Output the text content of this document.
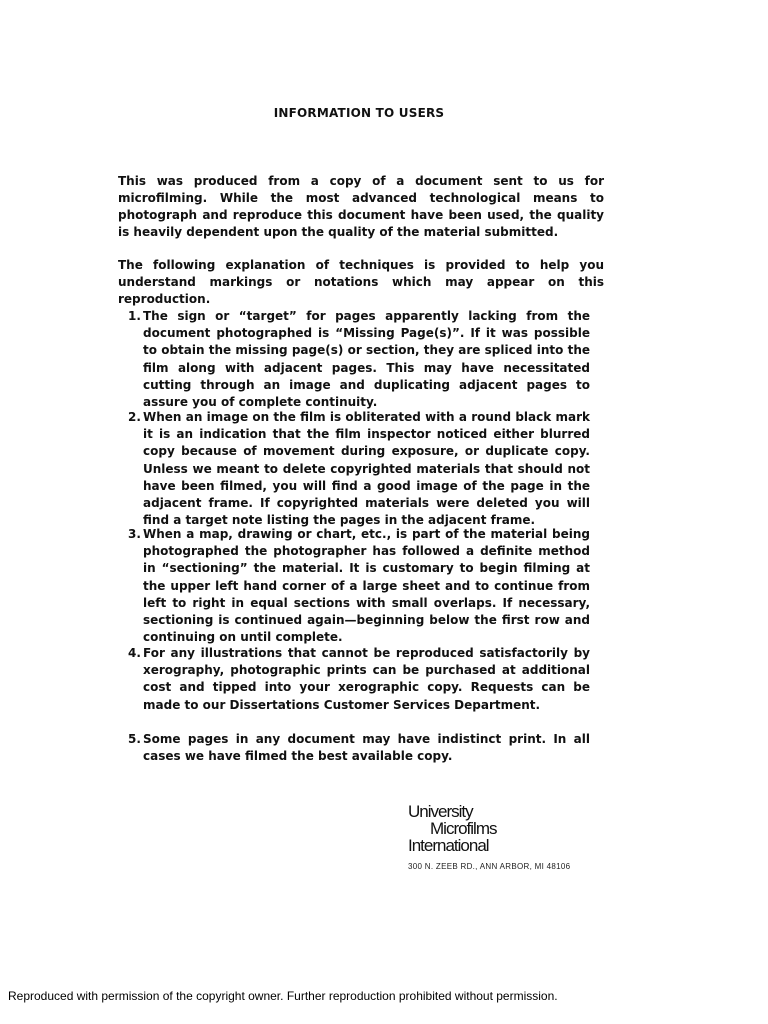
INFORMATION TO USERS
This was produced from a copy of a document sent to us for microfilming. While the most advanced technological means to photograph and reproduce this document have been used, the quality is heavily dependent upon the quality of the material submitted.
The following explanation of techniques is provided to help you understand markings or notations which may appear on this reproduction.
1. The sign or “target” for pages apparently lacking from the document photographed is “Missing Page(s)”. If it was possible to obtain the missing page(s) or section, they are spliced into the film along with adjacent pages. This may have necessitated cutting through an image and duplicating adjacent pages to assure you of complete continuity.
2. When an image on the film is obliterated with a round black mark it is an indication that the film inspector noticed either blurred copy because of movement during exposure, or duplicate copy. Unless we meant to delete copyrighted materials that should not have been filmed, you will find a good image of the page in the adjacent frame. If copyrighted materials were deleted you will find a target note listing the pages in the adjacent frame.
3. When a map, drawing or chart, etc., is part of the material being photographed the photographer has followed a definite method in “sectioning” the material. It is customary to begin filming at the upper left hand corner of a large sheet and to continue from left to right in equal sections with small overlaps. If necessary, sectioning is continued again—beginning below the first row and continuing on until complete.
4. For any illustrations that cannot be reproduced satisfactorily by xerography, photographic prints can be purchased at additional cost and tipped into your xerographic copy. Requests can be made to our Dissertations Customer Services Department.
5. Some pages in any document may have indistinct print. In all cases we have filmed the best available copy.
University
Microfilms
International
300 N. ZEEB RD., ANN ARBOR, MI 48106
Reproduced with permission of the copyright owner. Further reproduction prohibited without permission.
